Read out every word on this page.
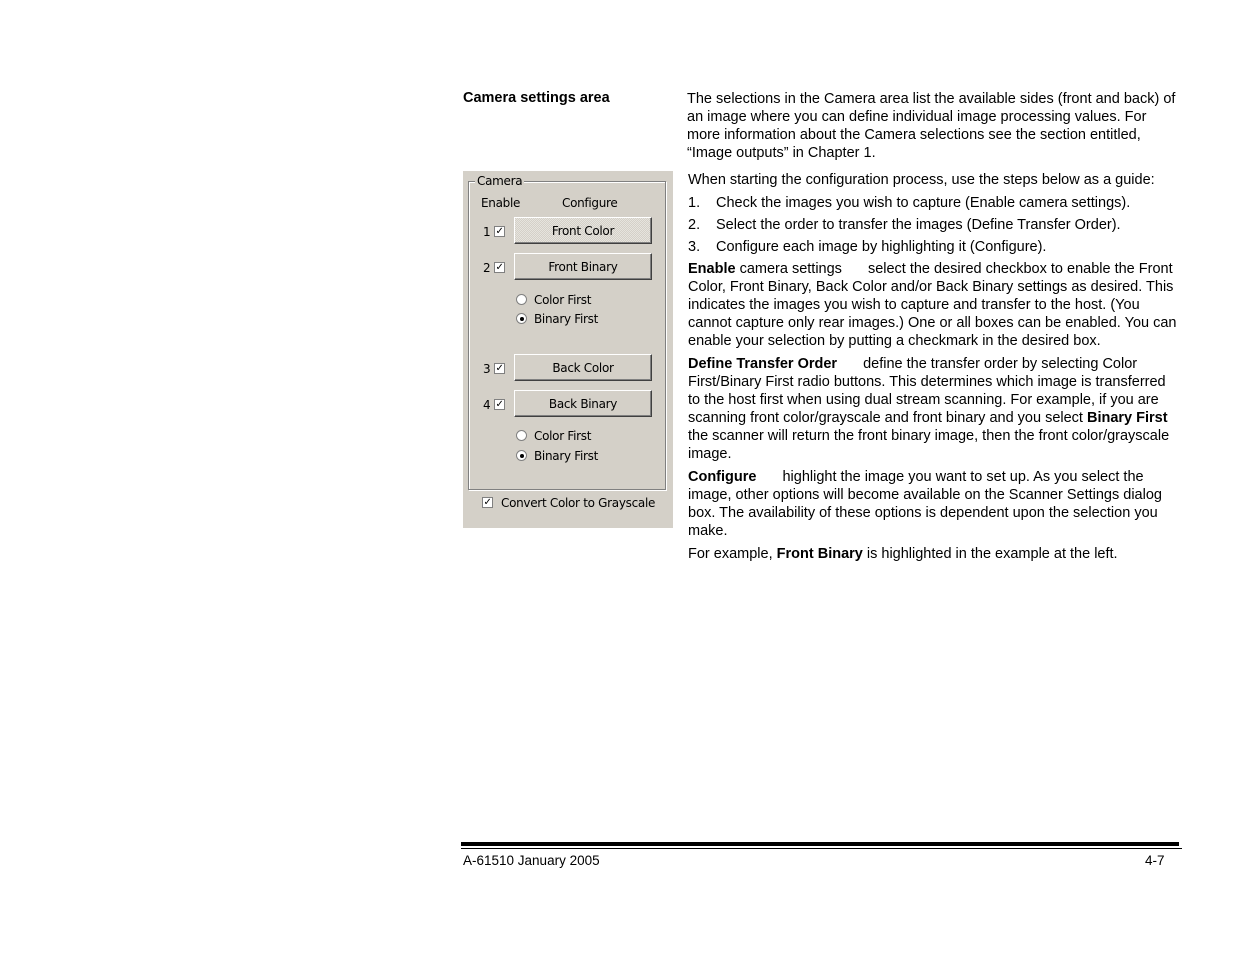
Camera settings area	The selections in the Camera area list the available sides (front and back) of an image where you can define individual image processing values. For more information about the Camera selections see the section entitled, “Image outputs” in Chapter 1.
Camera
Enable	Configure
1 ✓	Front Color
2 ✓	Front Binary
Color First
Binary First
3 ✓	Back Color
4 ✓	Back Binary
Color First
Binary First
✓ Convert Color to Grayscale

When starting the configuration process, use the steps below as a guide:

1.	Check the images you wish to capture (Enable camera settings).
2.	Select the order to transfer the images (Define Transfer Order).
3.	Configure each image by highlighting it (Configure).

Enable camera settings select the desired checkbox to enable the Front Color, Front Binary, Back Color and/or Back Binary settings as desired. This indicates the images you wish to capture and transfer to the host. (You cannot capture only rear images.) One or all boxes can be enabled. You can enable your selection by putting a checkmark in the desired box.

Define Transfer Order define the transfer order by selecting Color First/Binary First radio buttons. This determines which image is transferred to the host first when using dual stream scanning. For example, if you are scanning front color/grayscale and front binary and you select Binary First the scanner will return the front binary image, then the front color/grayscale image.

Configure highlight the image you want to set up. As you select the image, other options will become available on the Scanner Settings dialog box. The availability of these options is dependent upon the selection you make.

For example, Front Binary is highlighted in the example at the left.

A-61510 January 2005	4-7
